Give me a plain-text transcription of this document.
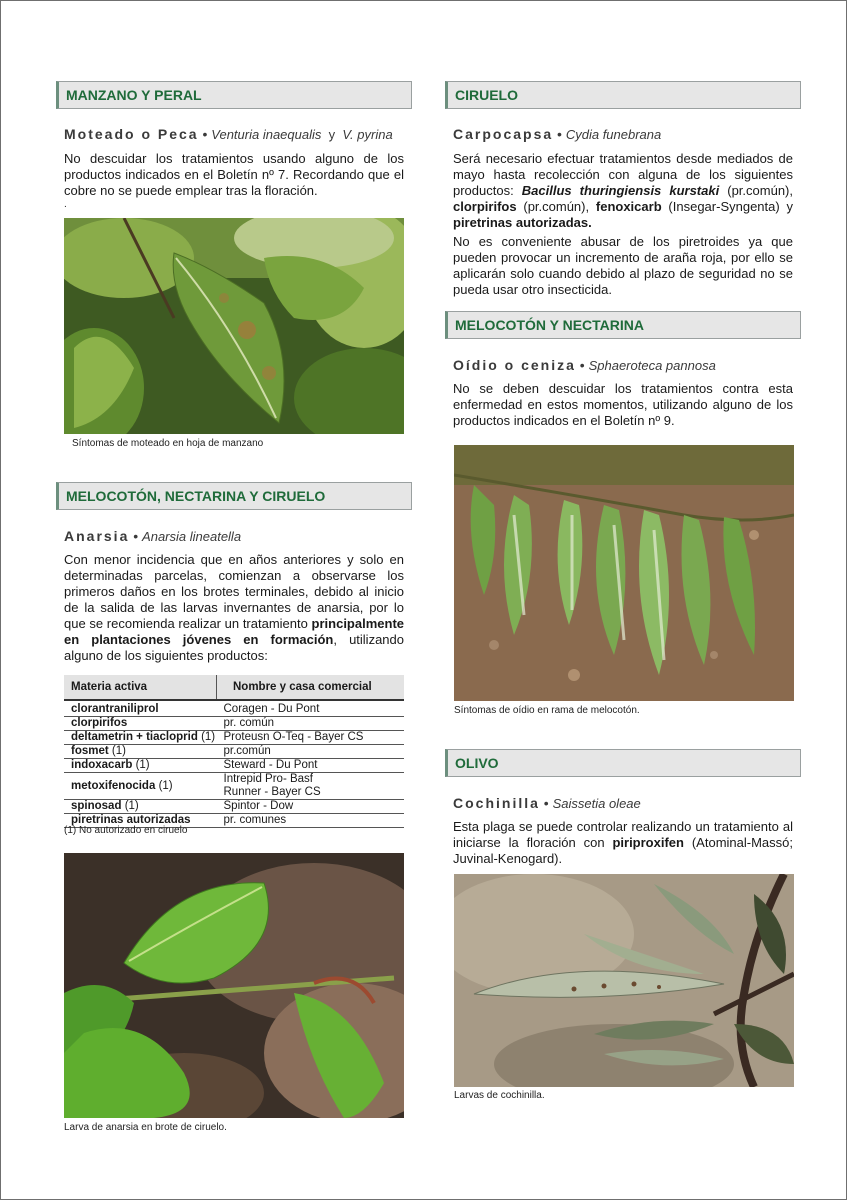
MANZANO Y PERAL
Moteado o Peca • Venturia inaequalis y V. pyrina
No descuidar los tratamientos usando alguno de los productos indicados en el Boletín nº 7. Recordando que el cobre no se puede emplear tras la floración.
.
Síntomas de moteado en hoja de manzano
MELOCOTÓN, NECTARINA Y CIRUELO
Anarsia • Anarsia lineatella
Con menor incidencia que en años anteriores y solo en determinadas parcelas, comienzan a observarse los primeros daños en los brotes terminales, debido al inicio de la salida de las larvas invernantes de anarsia, por lo que se recomienda realizar un tratamiento principalmente en plantaciones jóvenes en formación, utilizando alguno de los siguientes productos:
Materia activa	Nombre y casa comercial
clorantraniliprol	Coragen - Du Pont
clorpirifos	pr. común
deltametrin + tiacloprid (1)	Proteusn O-Teq - Bayer CS
fosmet (1)	pr.común
indoxacarb (1)	Steward - Du Pont
metoxifenocida (1)	Intrepid Pro- Basf
Runner - Bayer CS

spinosad (1)	Spintor - Dow
piretrinas autorizadas	pr. comunes
(1) No autorizado en ciruelo
Larva de anarsia en brote de ciruelo.
CIRUELO
Carpocapsa • Cydia funebrana
Será necesario efectuar tratamientos desde mediados de mayo hasta recolección con alguna de los siguientes productos: Bacillus thuringiensis kurstaki (pr.común), clorpirifos (pr.común), fenoxicarb (Insegar-Syngenta) y piretrinas autorizadas.
No es conveniente abusar de los piretroides ya que pueden provocar un incremento de araña roja, por ello se aplicarán solo cuando debido al plazo de seguridad no se pueda usar otro insecticida.
MELOCOTÓN Y NECTARINA
Oídio o ceniza • Sphaeroteca pannosa
No se deben descuidar los tratamientos contra esta enfermedad en estos momentos, utilizando alguno de los productos indicados en el Boletín nº 9.
Síntomas de oídio en rama de melocotón.
OLIVO
Cochinilla • Saissetia oleae
Esta plaga se puede controlar realizando un tratamiento al iniciarse la floración con piriproxifen (Atominal-Massó; Juvinal-Kenogard).
Larvas de cochinilla.
